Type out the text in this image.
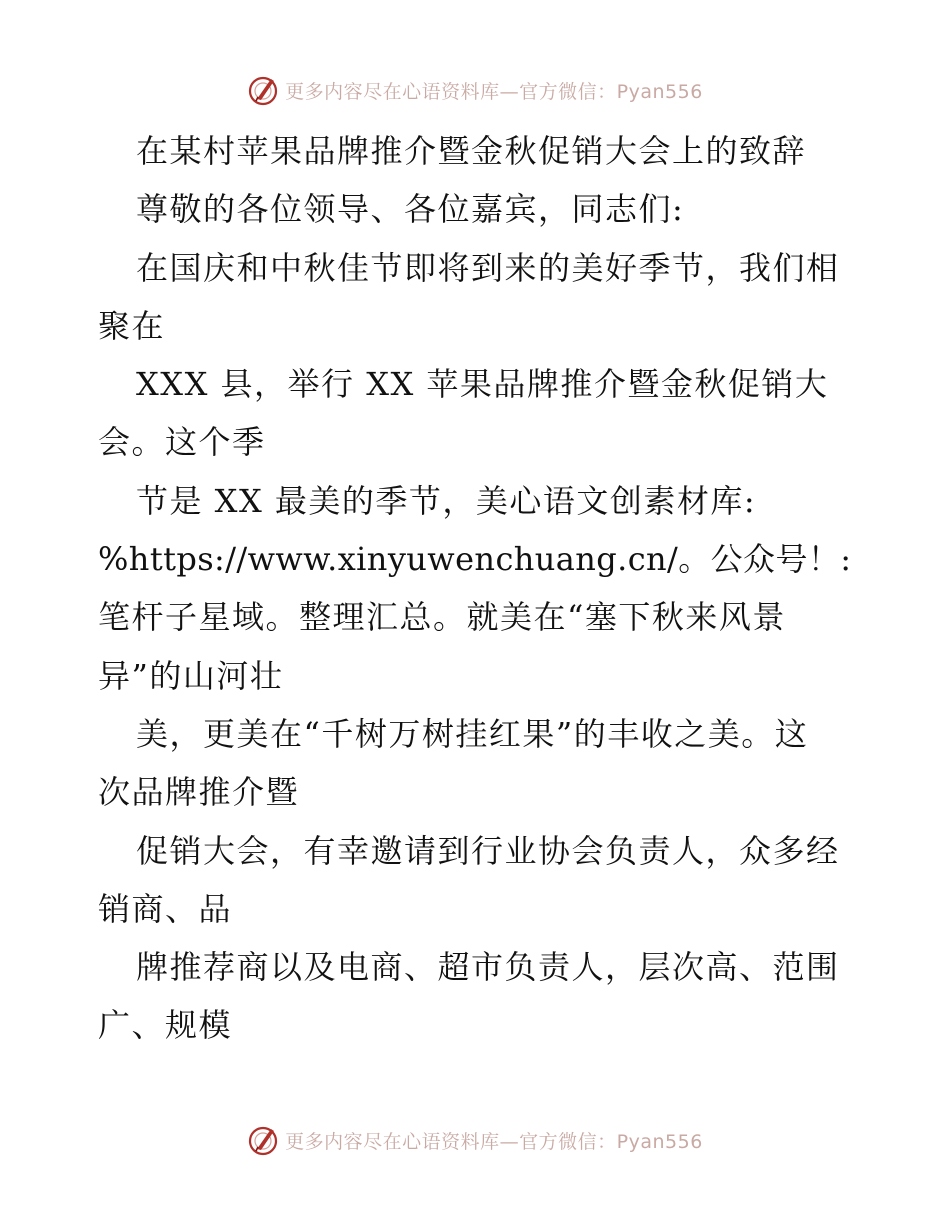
更多内容尽在心语资料库—官方微信：Pyan556
在某村苹果品牌推介暨金秋促销大会上的致辞
尊敬的各位领导、各位嘉宾，同志们:
在国庆和中秋佳节即将到来的美好季节，我们相
聚在
XXX 县，举行 XX 苹果品牌推介暨金秋促销大
会。这个季
节是 XX 最美的季节，美心语文创素材库:
%https://www.xinyuwenchuang.cn/。公众号！:
笔杆子星域。整理汇总。就美在“塞下秋来风景
异”的山河壮
美，更美在“千树万树挂红果”的丰收之美。这
次品牌推介暨
促销大会，有幸邀请到行业协会负责人，众多经
销商、品
牌推荐商以及电商、超市负责人，层次高、范围
广、规模
更多内容尽在心语资料库—官方微信：Pyan556
